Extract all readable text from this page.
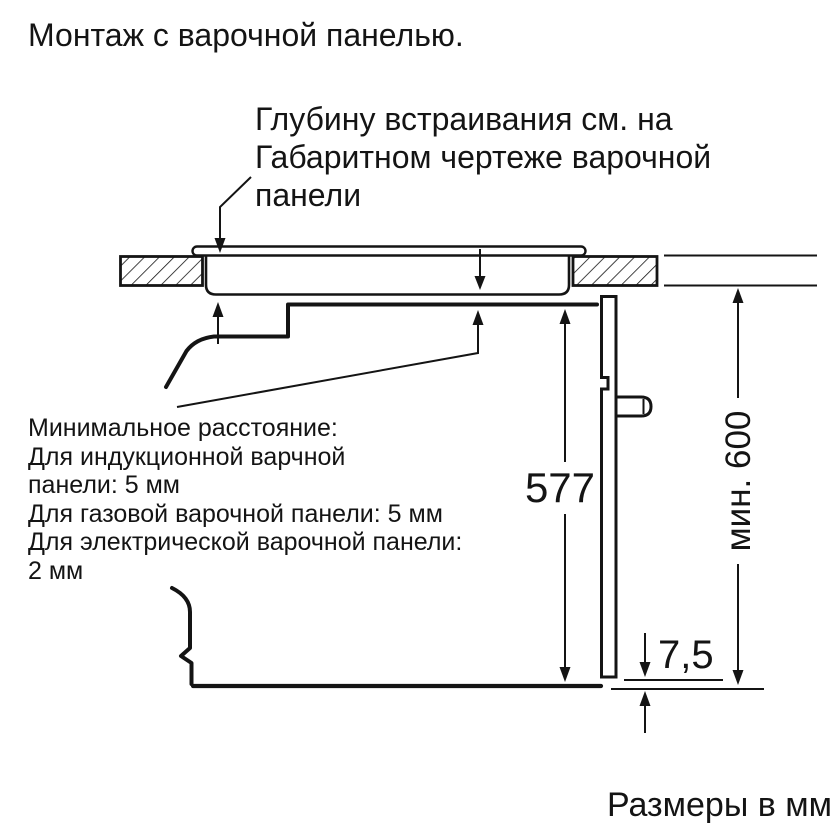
Монтаж с варочной панелью.
Глубину встраивания см. на
Габаритном чертеже варочной
панели
Минимальное расстояние:
Для индукционной варчной
панели: 5 мм
Для газовой варочной панели: 5 мм
Для электрической варочной панели:
2 мм
577	мин. 600
7,5
Размеры в мм
